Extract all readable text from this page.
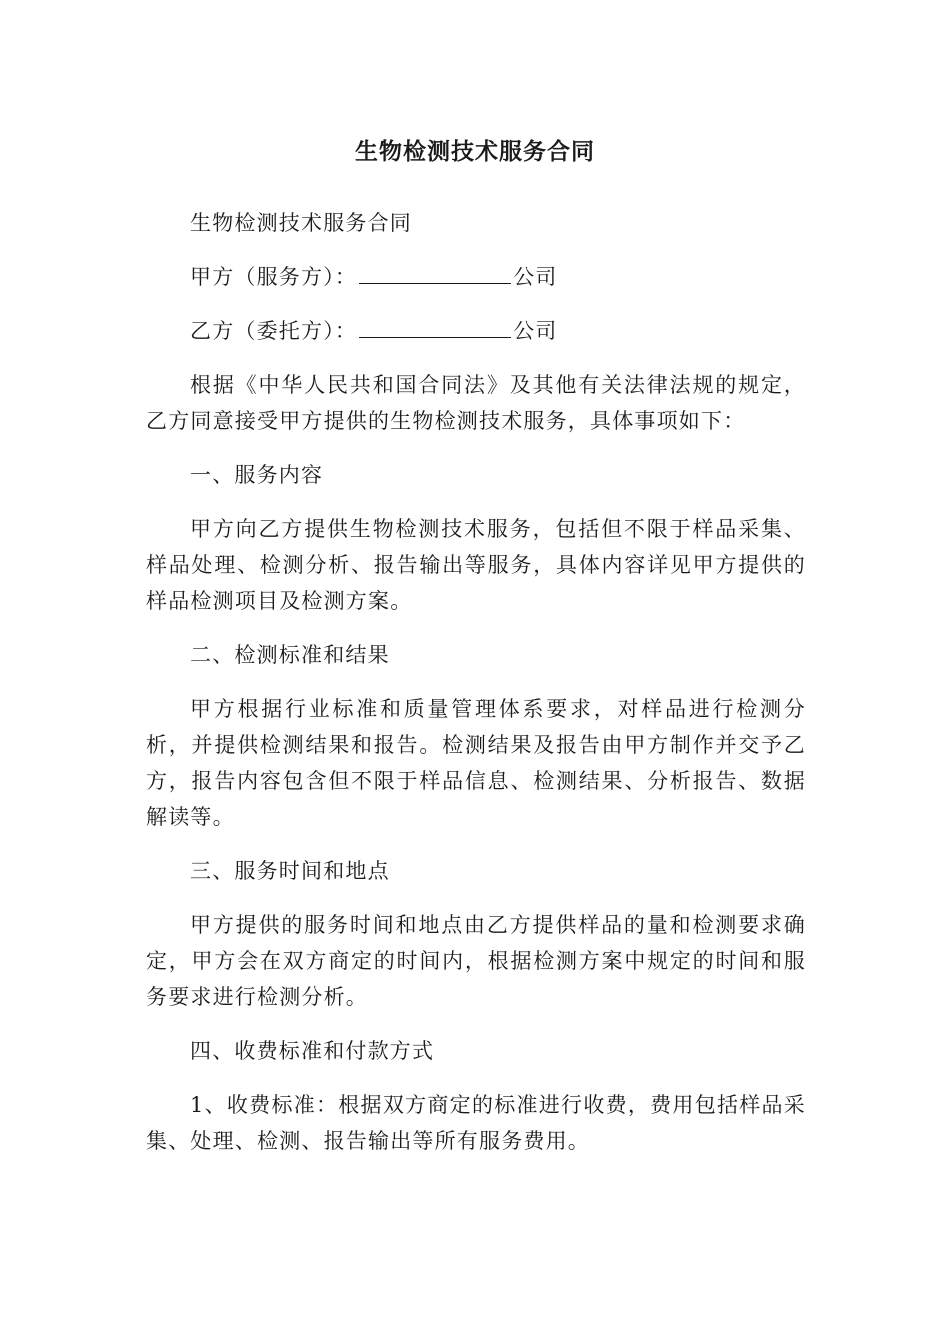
生物检测技术服务合同

生物检测技术服务合同

甲方（服务方）：	公司

乙方（委托方）：	公司

根据《中华人民共和国合同法》及其他有关法律法规的规定，乙方同意接受甲方提供的生物检测技术服务，具体事项如下：

一、服务内容

甲方向乙方提供生物检测技术服务，包括但不限于样品采集、样品处理、检测分析、报告输出等服务，具体内容详见甲方提供的样品检测项目及检测方案。

二、检测标准和结果

甲方根据行业标准和质量管理体系要求，对样品进行检测分析，并提供检测结果和报告。检测结果及报告由甲方制作并交予乙方，报告内容包含但不限于样品信息、检测结果、分析报告、数据解读等。

三、服务时间和地点

甲方提供的服务时间和地点由乙方提供样品的量和检测要求确定，甲方会在双方商定的时间内，根据检测方案中规定的时间和服务要求进行检测分析。

四、收费标准和付款方式

1、收费标准：根据双方商定的标准进行收费，费用包括样品采集、处理、检测、报告输出等所有服务费用。
